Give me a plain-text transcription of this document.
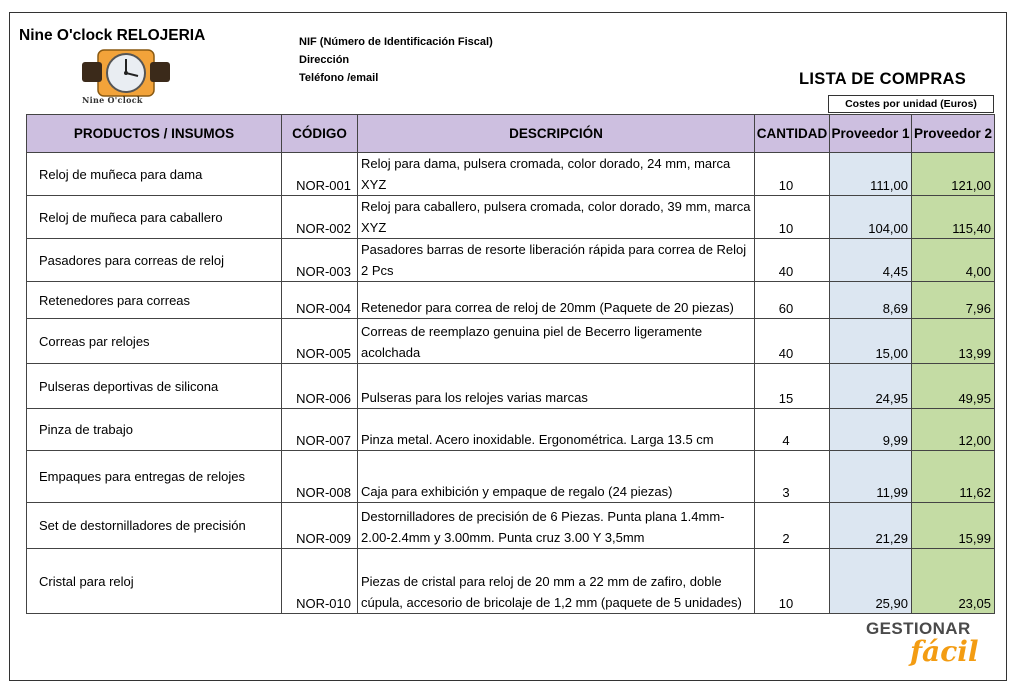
Nine O'clock RELOJERIA
Nine O'clock
NIF (Número de Identificación Fiscal)
Dirección
Teléfono /email	LISTA DE COMPRAS
Costes por unidad (Euros)
PRODUCTOS / INSUMOS	CÓDIGO	DESCRIPCIÓN	CANTIDAD	Proveedor 1	Proveedor 2
Reloj de muñeca para dama	NOR-001	Reloj para dama, pulsera cromada, color dorado, 24 mm, marca XYZ	10	111,00	121,00
Reloj de muñeca para caballero	NOR-002	Reloj para caballero, pulsera cromada, color dorado, 39 mm, marca XYZ	10	104,00	115,40
Pasadores para correas de reloj	NOR-003	Pasadores barras de resorte liberación rápida para correa de Reloj 2 Pcs	40	4,45	4,00
Retenedores para correas	NOR-004	Retenedor para correa de reloj de 20mm (Paquete de 20 piezas)	60	8,69	7,96
Correas par relojes	NOR-005	Correas de reemplazo genuina piel de Becerro ligeramente acolchada	40	15,00	13,99
Pulseras deportivas de silicona	NOR-006	Pulseras para los relojes varias marcas	15	24,95	49,95
Pinza de trabajo	NOR-007	Pinza metal. Acero inoxidable. Ergonométrica. Larga 13.5 cm	4	9,99	12,00
Empaques para entregas de relojes	NOR-008	Caja para exhibición y empaque de regalo (24 piezas)	3	11,99	11,62
Set de destornilladores de precisión	NOR-009	Destornilladores de precisión de 6 Piezas. Punta plana 1.4mm-2.00-2.4mm y 3.00mm. Punta cruz 3.00 Y 3,5mm	2	21,29	15,99
Cristal para reloj	NOR-010	Piezas de cristal para reloj de 20 mm a 22 mm de zafiro, doble cúpula, accesorio de bricolaje de 1,2 mm (paquete de 5 unidades)	10	25,90	23,05
GESTIONAR
fácil
